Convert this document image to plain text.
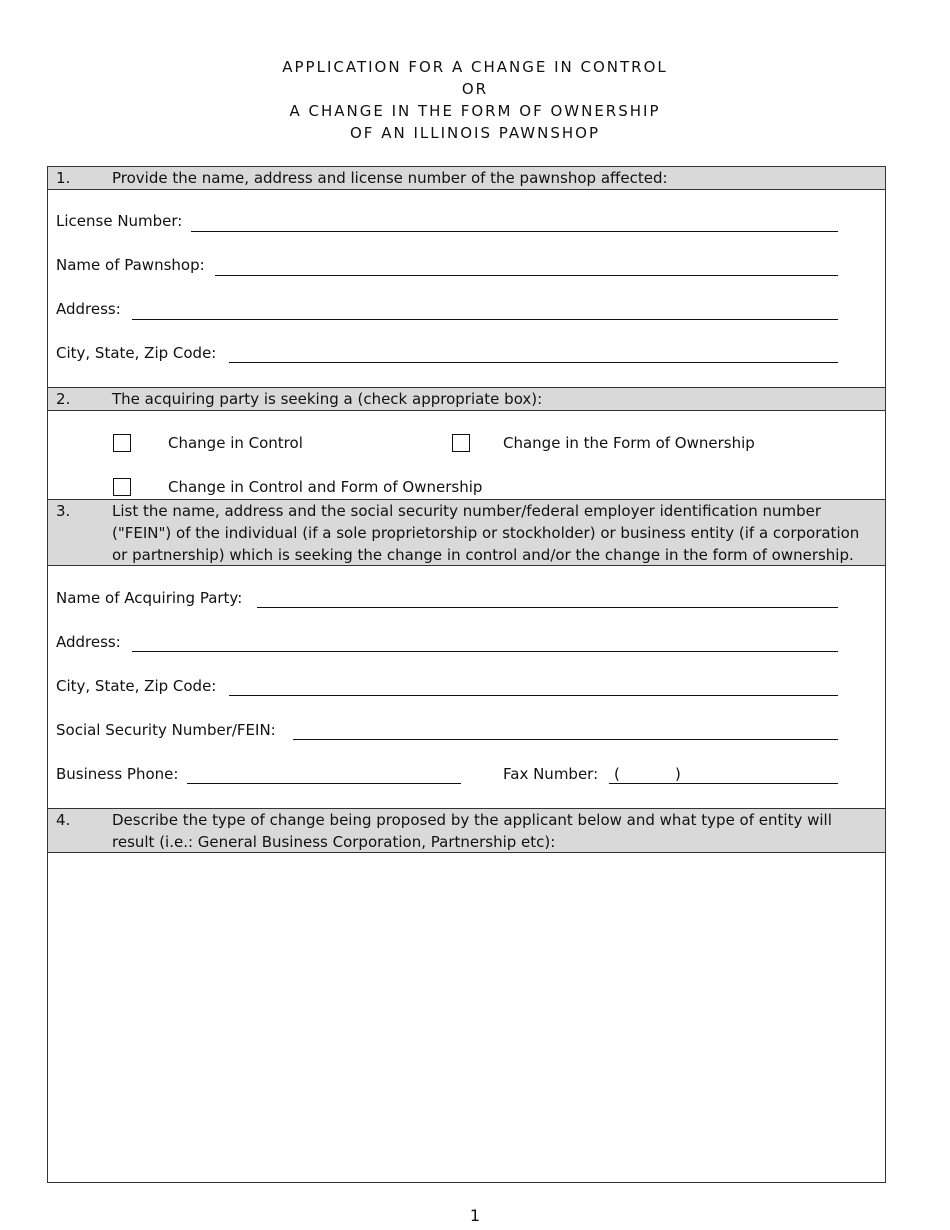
APPLICATION FOR A CHANGE IN CONTROL
OR
A CHANGE IN THE FORM OF OWNERSHIP
OF AN ILLINOIS PAWNSHOP
1.	Provide the name, address and license number of the pawnshop affected:
License Number:
Name of Pawnshop:
Address:
City, State, Zip Code:
2.	The acquiring party is seeking a (check appropriate box):
Change in Control	Change in the Form of Ownership
Change in Control and Form of Ownership
3.	List the name, address and the social security number/federal employer identification number ("FEIN") of the individual (if a sole proprietorship or stockholder) or business entity (if a corporation or partnership) which is seeking the change in control and/or the change in the form of ownership.
Name of Acquiring Party:
Address:
City, State, Zip Code:
Social Security Number/FEIN:
Business Phone:	Fax Number: (	)
4.	Describe the type of change being proposed by the applicant below and what type of entity will result (i.e.: General Business Corporation, Partnership etc):
1
